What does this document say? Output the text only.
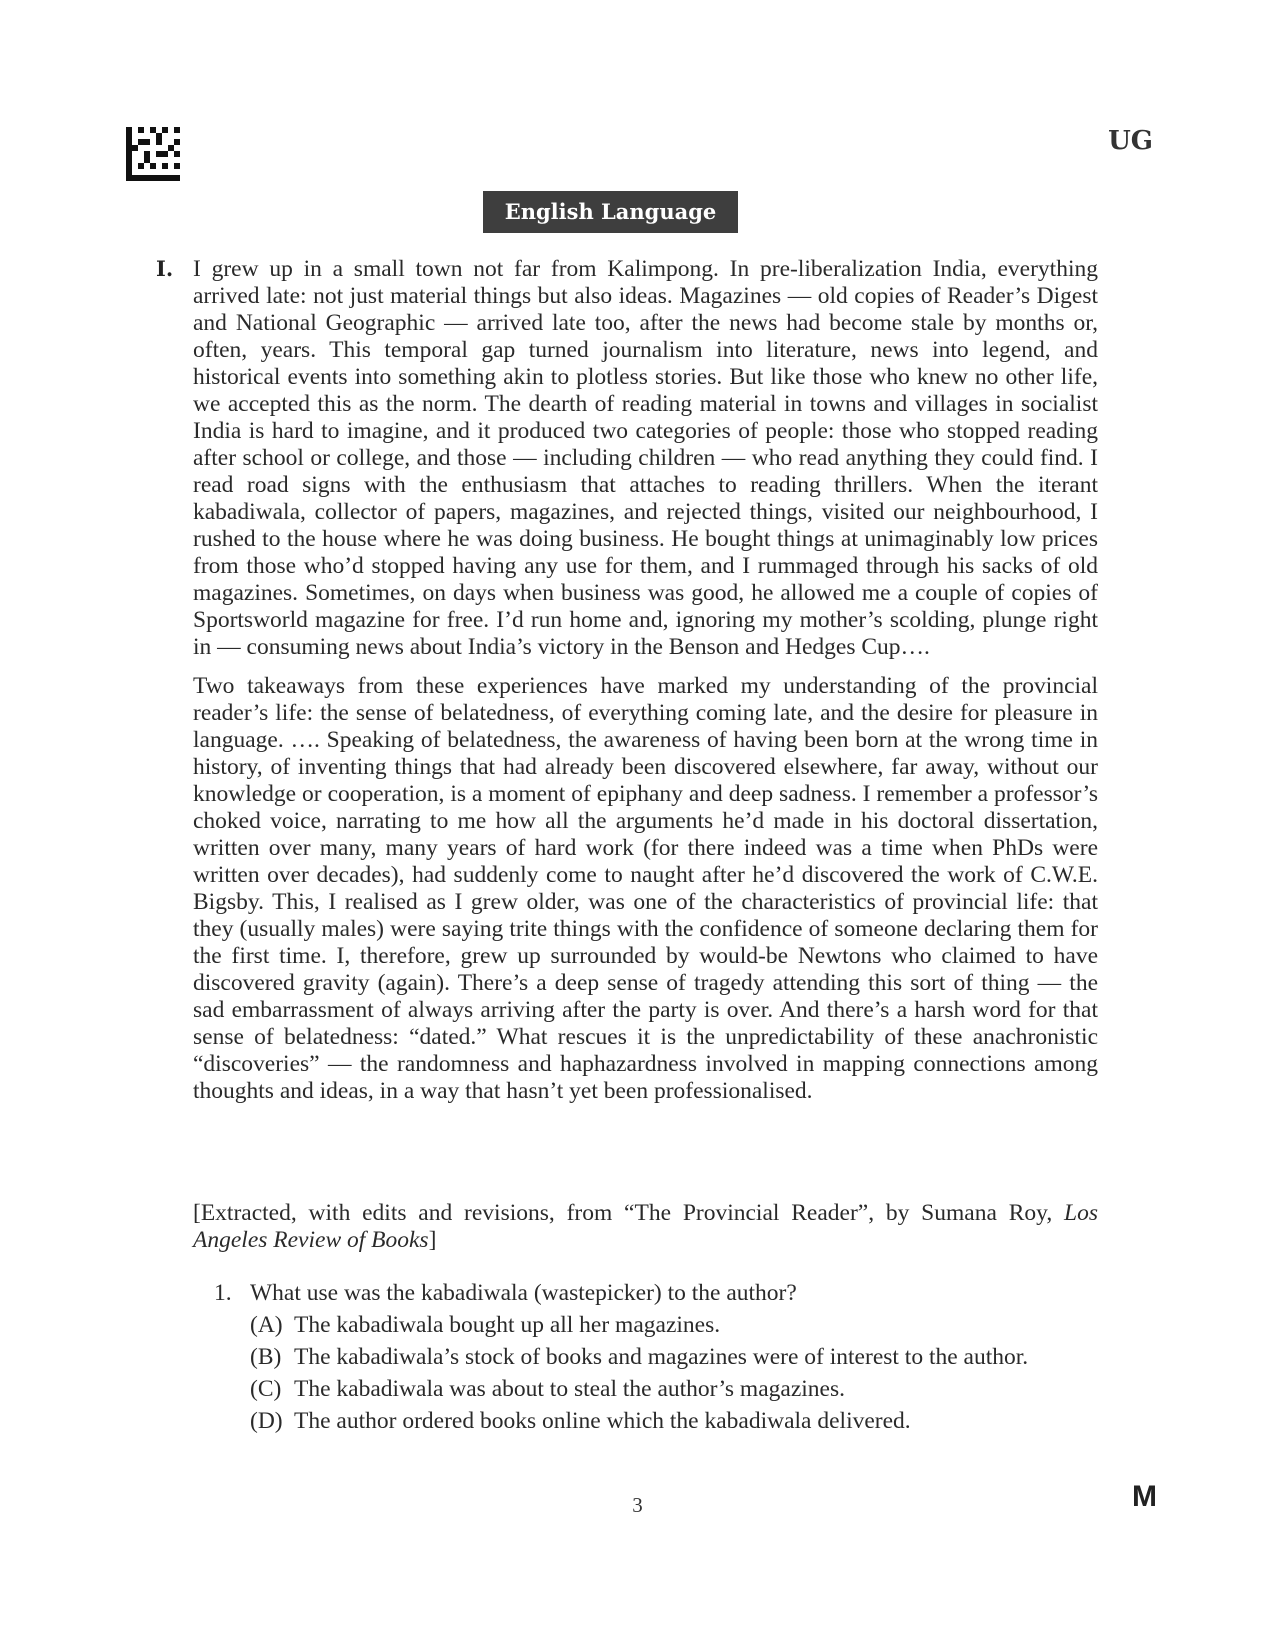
UG
English Language
I. I grew up in a small town not far from Kalimpong. In pre-liberalization India, everything arrived late: not just material things but also ideas. Magazines — old copies of Reader’s Digest and National Geographic — arrived late too, after the news had become stale by months or, often, years. This temporal gap turned journalism into literature, news into legend, and historical events into something akin to plotless stories. But like those who knew no other life, we accepted this as the norm. The dearth of reading material in towns and villages in socialist India is hard to imagine, and it produced two categories of people: those who stopped reading after school or college, and those — including children — who read anything they could find. I read road signs with the enthusiasm that attaches to reading thrillers. When the iterant kabadiwala, collector of papers, magazines, and rejected things, visited our neighbourhood, I rushed to the house where he was doing business. He bought things at unimaginably low prices from those who’d stopped having any use for them, and I rummaged through his sacks of old magazines. Sometimes, on days when business was good, he allowed me a couple of copies of Sportsworld magazine for free. I’d run home and, ignoring my mother’s scolding, plunge right in — consuming news about India’s victory in the Benson and Hedges Cup….

Two takeaways from these experiences have marked my understanding of the provincial reader’s life: the sense of belatedness, of everything coming late, and the desire for pleasure in language. …. Speaking of belatedness, the awareness of having been born at the wrong time in history, of inventing things that had already been discovered elsewhere, far away, without our knowledge or cooperation, is a moment of epiphany and deep sadness. I remember a professor’s choked voice, narrating to me how all the arguments he’d made in his doctoral dissertation, written over many, many years of hard work (for there indeed was a time when PhDs were written over decades), had suddenly come to naught after he’d discovered the work of C.W.E. Bigsby. This, I realised as I grew older, was one of the characteristics of provincial life: that they (usually males) were saying trite things with the confidence of someone declaring them for the first time. I, therefore, grew up surrounded by would-be Newtons who claimed to have discovered gravity (again). There’s a deep sense of tragedy attending this sort of thing — the sad embarrassment of always arriving after the party is over. And there’s a harsh word for that sense of belatedness: “dated.” What rescues it is the unpredictability of these anachronistic “discoveries” — the randomness and haphazardness involved in mapping connections among thoughts and ideas, in a way that hasn’t yet been professionalised.

[Extracted, with edits and revisions, from “The Provincial Reader”, by Sumana Roy, Los Angeles Review of Books]
1. What use was the kabadiwala (wastepicker) to the author?
(A) The kabadiwala bought up all her magazines.
(B) The kabadiwala’s stock of books and magazines were of interest to the author.
(C) The kabadiwala was about to steal the author’s magazines.
(D) The author ordered books online which the kabadiwala delivered.
3	M
